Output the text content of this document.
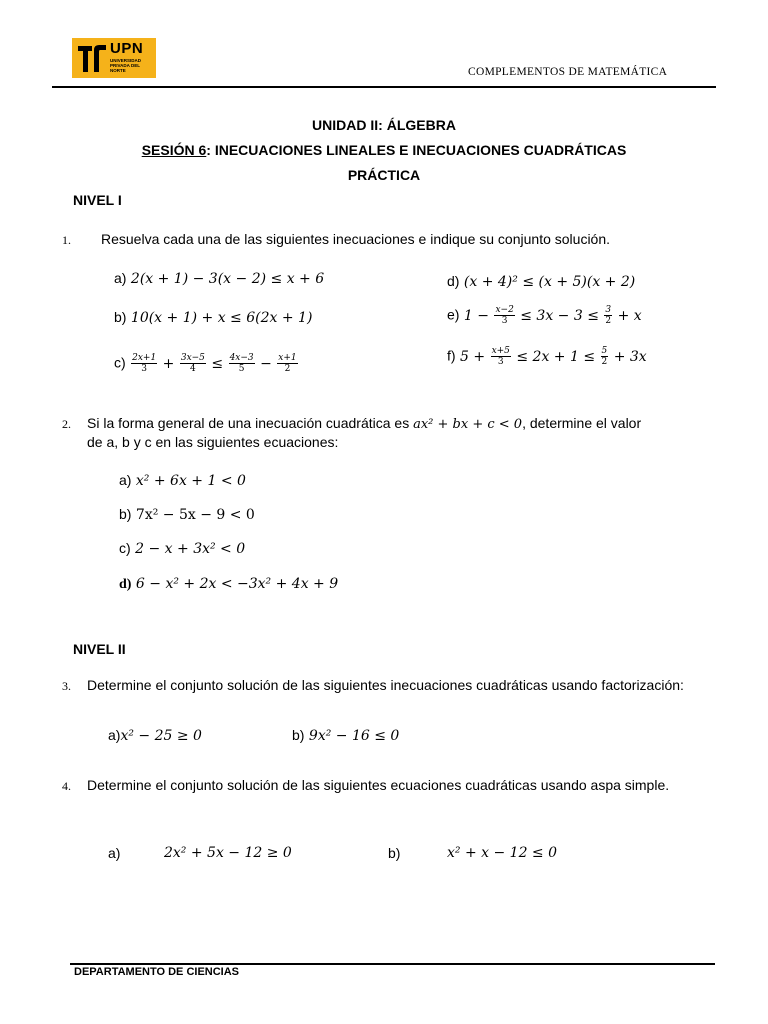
UPN
UNIVERSIDAD PRIVADA DEL NORTE	COMPLEMENTOS DE MATEMÁTICA
UNIDAD II: ÁLGEBRA
SESIÓN 6: INECUACIONES LINEALES E INECUACIONES CUADRÁTICAS
PRÁCTICA
NIVEL I
1. Resuelva cada una de las siguientes inecuaciones e indique su conjunto solución.
a) 2(x + 1) − 3(x − 2) ≤ x + 6
b) 10(x + 1) + x ≤ 6(2x + 1)
$c) \frac{2x+1}{3} + \frac{3x-5}{4} \le \frac{4x-3}{5} - \frac{x+1}{2}$
d) (x + 4)² ≤ (x + 5)(x + 2)
e) $1 - \frac{x-2}{3} \le 3x - 3 \le \frac{3}{2} + x$
f) $5 + \frac{x+5}{3} \le 2x + 1 \le \frac{5}{2} + 3x$
2. Si la forma general de una inecuación cuadrática es ax² + bx + c < 0, determine el valor
de a, b y c en las siguientes ecuaciones:
a) x² + 6x + 1 < 0
b) 7x² − 5x − 9 < 0
c) 2 − x + 3x² < 0
d) 6 − x² + 2x < −3x² + 4x + 9
NIVEL II
3. Determine el conjunto solución de las siguientes inecuaciones cuadráticas usando factorización:
a)x² − 25 ≥ 0	b) 9x² − 16 ≤ 0
4. Determine el conjunto solución de las siguientes ecuaciones cuadráticas usando aspa simple.
a)	2x² + 5x − 12 ≥ 0	b)	x² + x − 12 ≤ 0
DEPARTAMENTO DE CIENCIAS
